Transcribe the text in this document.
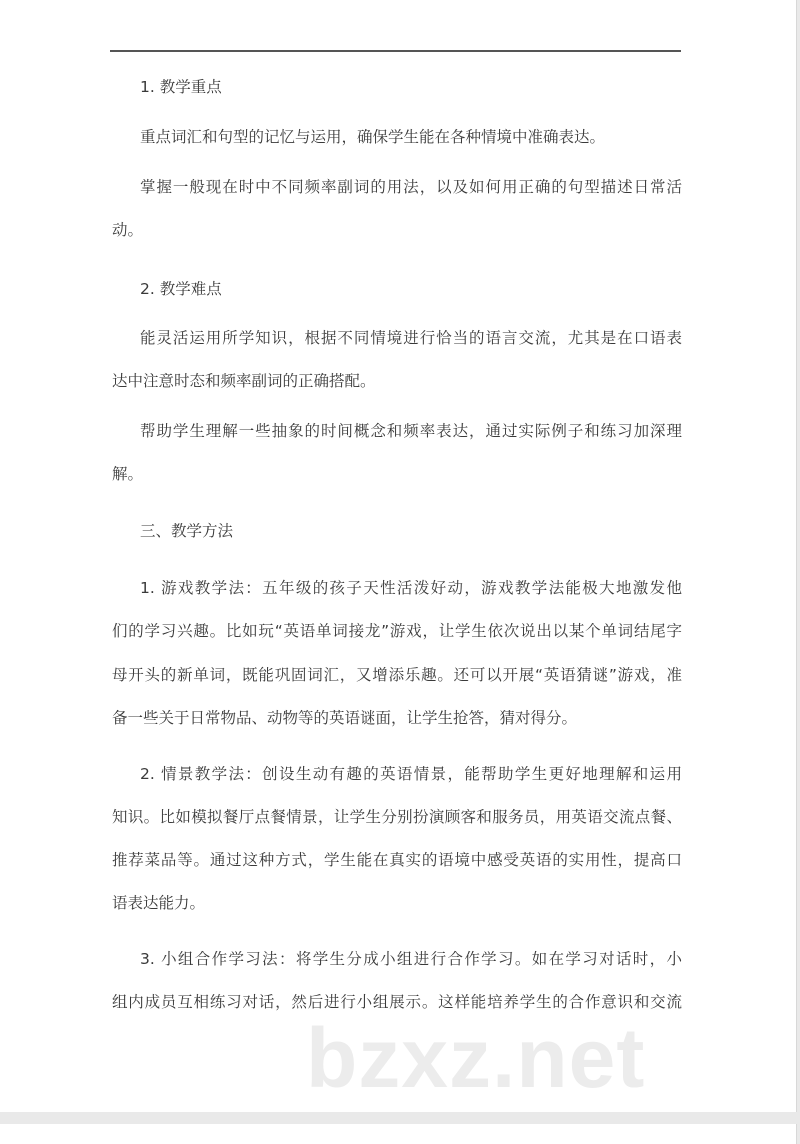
1. 教学重点
重点词汇和句型的记忆与运用，确保学生能在各种情境中准确表达。
掌握一般现在时中不同频率副词的用法，以及如何用正确的句型描述日常活
动。
2. 教学难点
能灵活运用所学知识，根据不同情境进行恰当的语言交流，尤其是在口语表
达中注意时态和频率副词的正确搭配。
帮助学生理解一些抽象的时间概念和频率表达，通过实际例子和练习加深理
解。
三、教学方法
1. 游戏教学法：五年级的孩子天性活泼好动，游戏教学法能极大地激发他
们的学习兴趣。比如玩“英语单词接龙”游戏，让学生依次说出以某个单词结尾字
母开头的新单词，既能巩固词汇，又增添乐趣。还可以开展“英语猜谜”游戏，准
备一些关于日常物品、动物等的英语谜面，让学生抢答，猜对得分。
2. 情景教学法：创设生动有趣的英语情景，能帮助学生更好地理解和运用
知识。比如模拟餐厅点餐情景，让学生分别扮演顾客和服务员，用英语交流点餐、
推荐菜品等。通过这种方式，学生能在真实的语境中感受英语的实用性，提高口
语表达能力。
3. 小组合作学习法：将学生分成小组进行合作学习。如在学习对话时，小
组内成员互相练习对话，然后进行小组展示。这样能培养学生的合作意识和交流
bzxz.net
